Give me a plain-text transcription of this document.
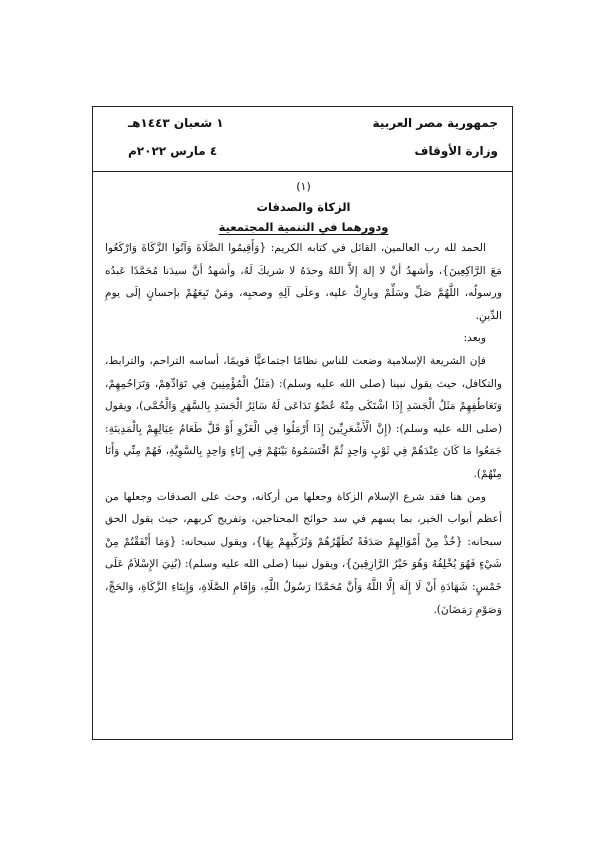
جمهورية مصر العربية
وزارة الأوقاف
١ شعبان ١٤٤٣هـ
٤ مارس ٢٠٢٢م
(١)
الزكاة والصدقات
ودورهما في التنمية المجتمعية

الحمد لله رب العالمين، القائل في كتابه الكريم: {وَأَقِيمُوا الصَّلَاةَ وَآتُوا الزَّكَاةَ وَارْكَعُوا مَعَ الرَّاكِعِينَ}، وأشهدُ أنْ لا إلهَ إلاَّ اللهُ وحدَهُ لا شريكَ لَهُ، وأشهدُ أنَّ سيدَنا مُحَمَّدًا عَبدُه ورسولُه، اللَّهُمَّ صَلِّ وسَلِّمْ وبارِكْ عليه، وعلَى آلِهِ وصحبِه، ومَنْ تَبِعَهُمْ بإحسانٍ إلَى يومِ الدِّينِ.

وبعد:

فإن الشريعة الإسلامية وضعت للناس نظامًا اجتماعيًّا قويمًا، أساسه التراحم، والترابط، والتكافل، حيث يقول نبينا (صلى الله عليه وسلم): (مَثَلُ الْمُؤْمِنِينَ فِي تَوَادِّهِمْ، وَتَرَاحُمِهِمْ، وَتَعَاطُفِهِمْ مَثَلُ الْجَسَدِ إِذَا اشْتَكَى مِنْهُ عُضْوٌ تَدَاعَى لَهُ سَائِرُ الْجَسَدِ بِالسَّهَرِ وَالْحُمَّى)، ويقول (صلى الله عليه وسلم): (إِنَّ الْأَشْعَرِيِّينَ إِذَا أَرْمَلُوا فِي الْغَزْوِ أَوْ قَلَّ طَعَامُ عِيَالِهِمْ بِالْمَدِينَةِ: جَمَعُوا مَا كَانَ عِنْدَهُمْ فِي ثَوْبٍ وَاحِدٍ ثُمَّ اقْتَسَمُوهُ بَيْنَهُمْ فِي إِنَاءٍ وَاحِدٍ بِالسَّوِيَّةِ، فَهُمْ مِنِّي وَأَنَا مِنْهُمْ).

ومن هنا فقد شرع الإسلام الزكاة وجعلها من أركانه، وحث على الصدقات وجعلها من أعظم أبواب الخير، بما يسهم في سد حوائج المحتاجين، وتفريج كربهم، حيث يقول الحق سبحانه: {خُذْ مِنْ أَمْوَالِهِمْ صَدَقَةً تُطَهِّرُهُمْ وَتُزَكِّيهِمْ بِهَا}، ويقول سبحانه: {وَمَا أَنْفَقْتُمْ مِنْ شَيْءٍ فَهُوَ يُخْلِفُهُ وَهُوَ خَيْرُ الرَّازِقِينَ}، ويقول نبينا (صلى الله عليه وسلم): (بُنِيَ الإِسْلاَمُ عَلَى خَمْسٍ: شَهَادَةِ أَنْ لَا إِلَهَ إِلَّا اللَّهُ وَأَنَّ مُحَمَّدًا رَسُولُ اللَّهِ، وَإِقَامِ الصَّلَاةِ، وَإِيتَاءِ الزَّكَاةِ، وَالحَجِّ، وَصَوْمِ رَمَضَانَ).
